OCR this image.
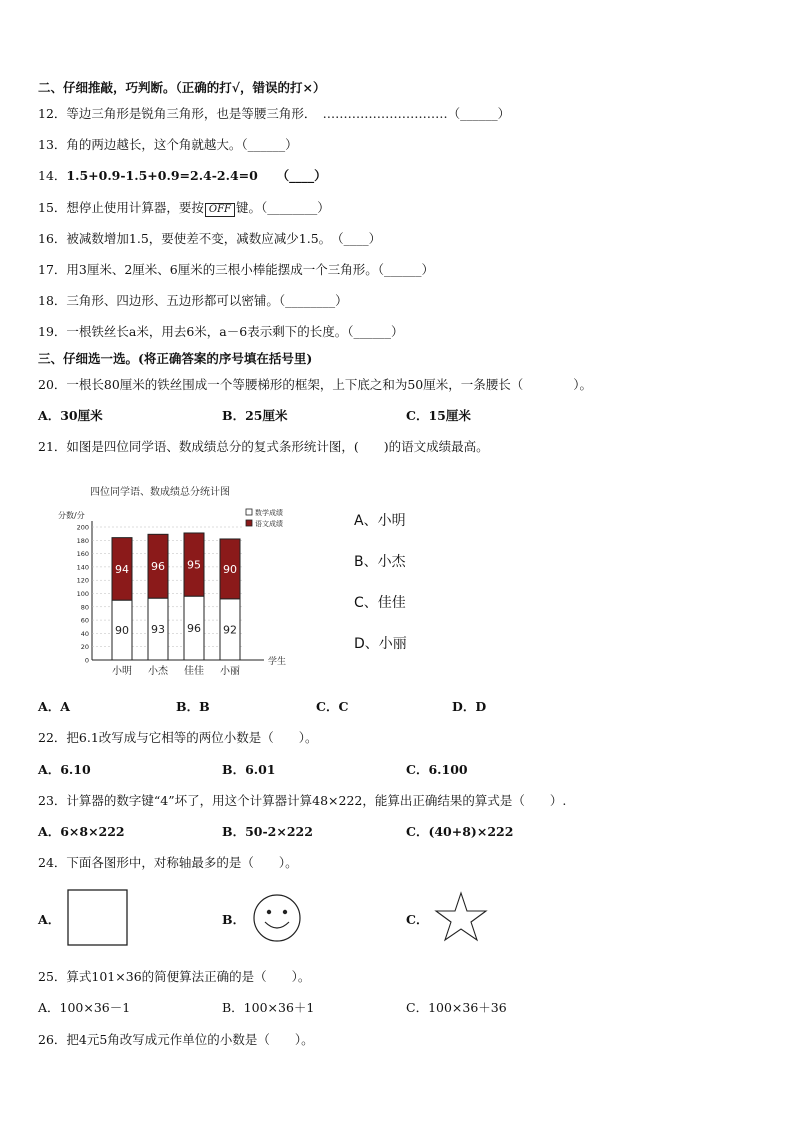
二、仔细推敲，巧判断。（正确的打√，错误的打×）
12．等边三角形是锐角三角形，也是等腰三角形．　…………………………（______）
13．角的两边越长，这个角就越大。（______）
14．1.5+0.9-1.5+0.9=2.4-2.4=0　　（____）
15．想停止使用计算器，要按 OFF 键。（________）
16．被减数增加1.5，要使差不变，减数应减少1.5。　（____）
17．用3厘米、2厘米、6厘米的三根小棒能摆成一个三角形。（______）
18．三角形、四边形、五边形都可以密铺。（________）
19．一根铁丝长a米，用去6米，a－6表示剩下的长度。（______）
三、仔细选一选。(将正确答案的序号填在括号里)
20．一根长80厘米的铁丝围成一个等腰梯形的框架，上下底之和为50厘米，一条腰长（　　　　）。
A．30厘米	B．25厘米	C．15厘米
21．如图是四位同学语、数成绩总分的复式条形统计图，(　　)的语文成绩最高。
四位同学语、数成绩总分统计图
分数/分
0
20
40
60
80
100
120
140
160
180
200
学生
90
94
小明
93
96
小杰
96
95
佳佳
92
90
小丽
数学成绩
语文成绩	A、小明
B、小杰
C、佳佳
D、小丽
A．A	B．B	C．C	D．D
22．把6.1改写成与它相等的两位小数是（　　）。
A．6.10	B．6.01	C．6.100
23．计算器的数字键“4”坏了，用这个计算器计算48×222，能算出正确结果的算式是（　　）.
A．6×8×222	B．50-2×222	C．(40+8)×222
24．下面各图形中，对称轴最多的是（　　）。
A．	B．	C．
25．算式101×36的简便算法正确的是（　　）。
A．100×36－1	B．100×36＋1	C．100×36＋36
26．把4元5角改写成元作单位的小数是（　　）。
